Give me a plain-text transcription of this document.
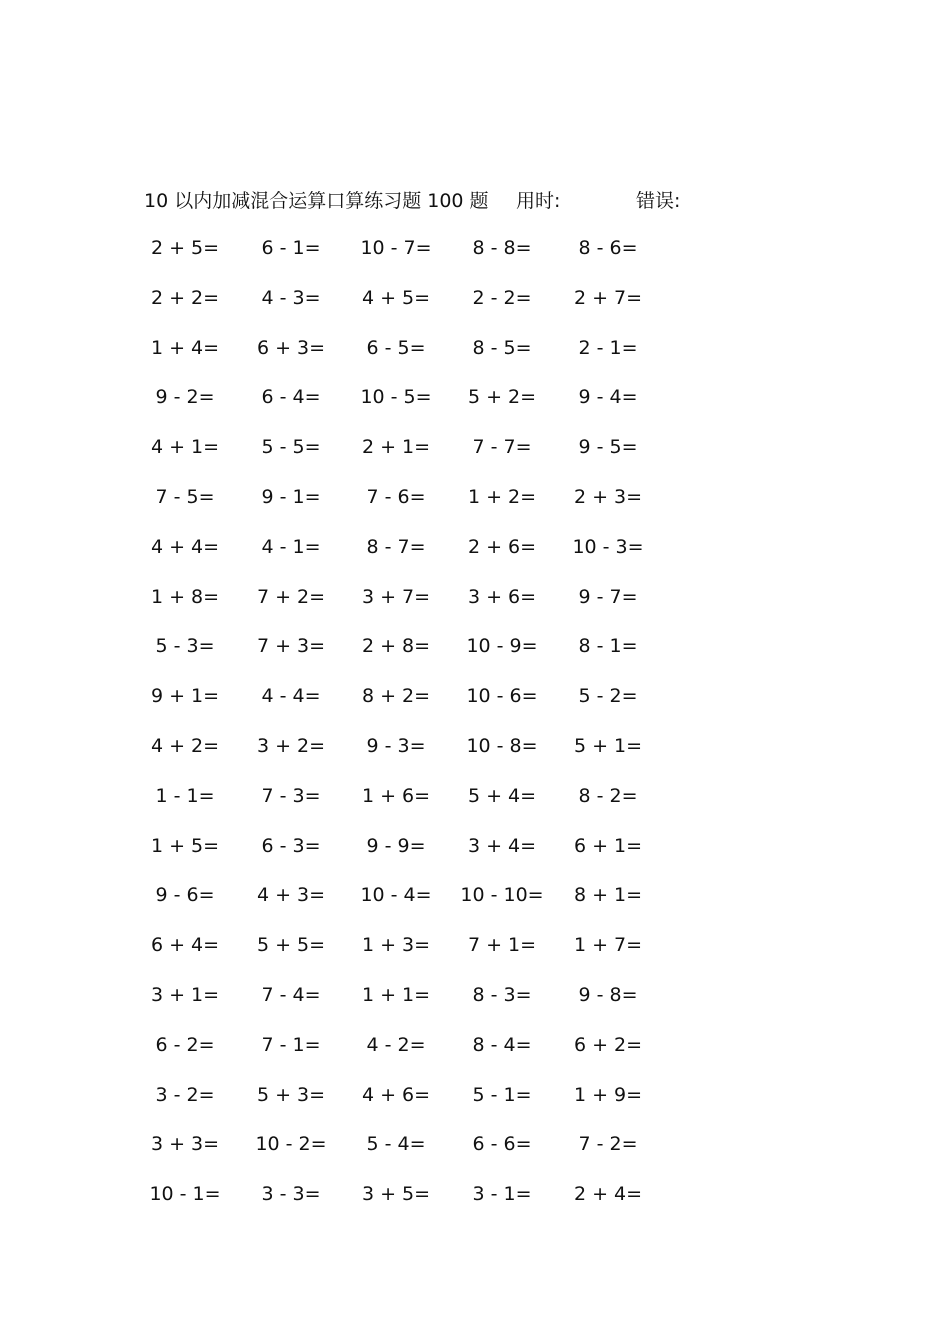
10 以内加减混合运算口算练习题 100 题 用时:	错误:
2 + 5=	6 - 1=	10 - 7=	8 - 8=	8 - 6=
2 + 2=	4 - 3=	4 + 5=	2 - 2=	2 + 7=
1 + 4=	6 + 3=	6 - 5=	8 - 5=	2 - 1=
9 - 2=	6 - 4=	10 - 5=	5 + 2=	9 - 4=
4 + 1=	5 - 5=	2 + 1=	7 - 7=	9 - 5=
7 - 5=	9 - 1=	7 - 6=	1 + 2=	2 + 3=
4 + 4=	4 - 1=	8 - 7=	2 + 6=	10 - 3=
1 + 8=	7 + 2=	3 + 7=	3 + 6=	9 - 7=
5 - 3=	7 + 3=	2 + 8=	10 - 9=	8 - 1=
9 + 1=	4 - 4=	8 + 2=	10 - 6=	5 - 2=
4 + 2=	3 + 2=	9 - 3=	10 - 8=	5 + 1=
1 - 1=	7 - 3=	1 + 6=	5 + 4=	8 - 2=
1 + 5=	6 - 3=	9 - 9=	3 + 4=	6 + 1=
9 - 6=	4 + 3=	10 - 4=	10 - 10=	8 + 1=
6 + 4=	5 + 5=	1 + 3=	7 + 1=	1 + 7=
3 + 1=	7 - 4=	1 + 1=	8 - 3=	9 - 8=
6 - 2=	7 - 1=	4 - 2=	8 - 4=	6 + 2=
3 - 2=	5 + 3=	4 + 6=	5 - 1=	1 + 9=
3 + 3=	10 - 2=	5 - 4=	6 - 6=	7 - 2=
10 - 1=	3 - 3=	3 + 5=	3 - 1=	2 + 4=
